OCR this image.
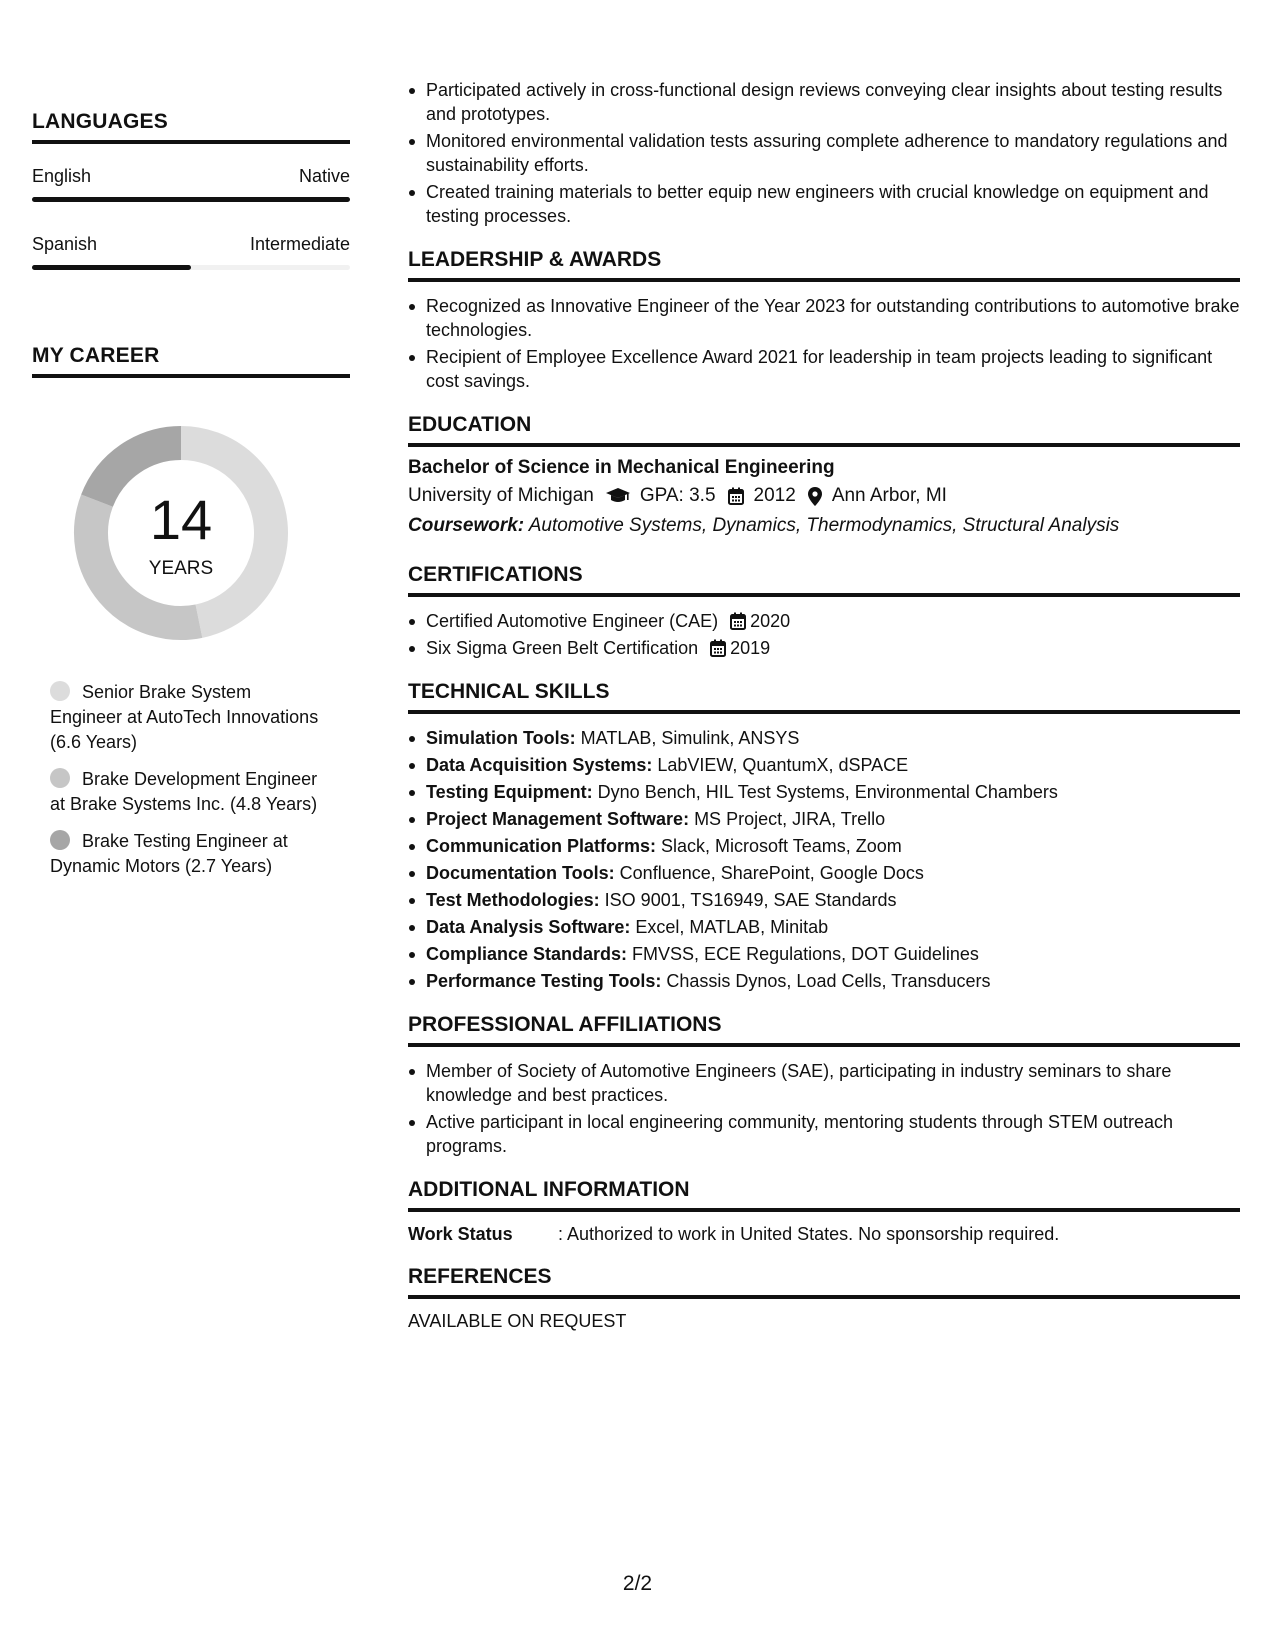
LANGUAGES
English	Native
Spanish	Intermediate
MY CAREER
14
YEARS
Senior Brake System Engineer at AutoTech Innovations (6.6 Years)
Brake Development Engineer at Brake Systems Inc. (4.8 Years)
Brake Testing Engineer at Dynamic Motors (2.7 Years)
Participated actively in cross-functional design reviews conveying clear insights about testing results and prototypes.
Monitored environmental validation tests assuring complete adherence to mandatory regulations and sustainability efforts.
Created training materials to better equip new engineers with crucial knowledge on equipment and testing processes.
LEADERSHIP & AWARDS
Recognized as Innovative Engineer of the Year 2023 for outstanding contributions to automotive brake technologies.
Recipient of Employee Excellence Award 2021 for leadership in team projects leading to significant cost savings.
EDUCATION
Bachelor of Science in Mechanical Engineering
University of Michigan GPA: 3.5 2012 Ann Arbor, MI
Coursework: Automotive Systems, Dynamics, Thermodynamics, Structural Analysis
CERTIFICATIONS
Certified Automotive Engineer (CAE) 2020
Six Sigma Green Belt Certification 2019
TECHNICAL SKILLS
Simulation Tools: MATLAB, Simulink, ANSYS
Data Acquisition Systems: LabVIEW, QuantumX, dSPACE
Testing Equipment: Dyno Bench, HIL Test Systems, Environmental Chambers
Project Management Software: MS Project, JIRA, Trello
Communication Platforms: Slack, Microsoft Teams, Zoom
Documentation Tools: Confluence, SharePoint, Google Docs
Test Methodologies: ISO 9001, TS16949, SAE Standards
Data Analysis Software: Excel, MATLAB, Minitab
Compliance Standards: FMVSS, ECE Regulations, DOT Guidelines
Performance Testing Tools: Chassis Dynos, Load Cells, Transducers
PROFESSIONAL AFFILIATIONS
Member of Society of Automotive Engineers (SAE), participating in industry seminars to share knowledge and best practices.
Active participant in local engineering community, mentoring students through STEM outreach programs.
ADDITIONAL INFORMATION
Work Status	: Authorized to work in United States. No sponsorship required.
REFERENCES
AVAILABLE ON REQUEST
2/2
